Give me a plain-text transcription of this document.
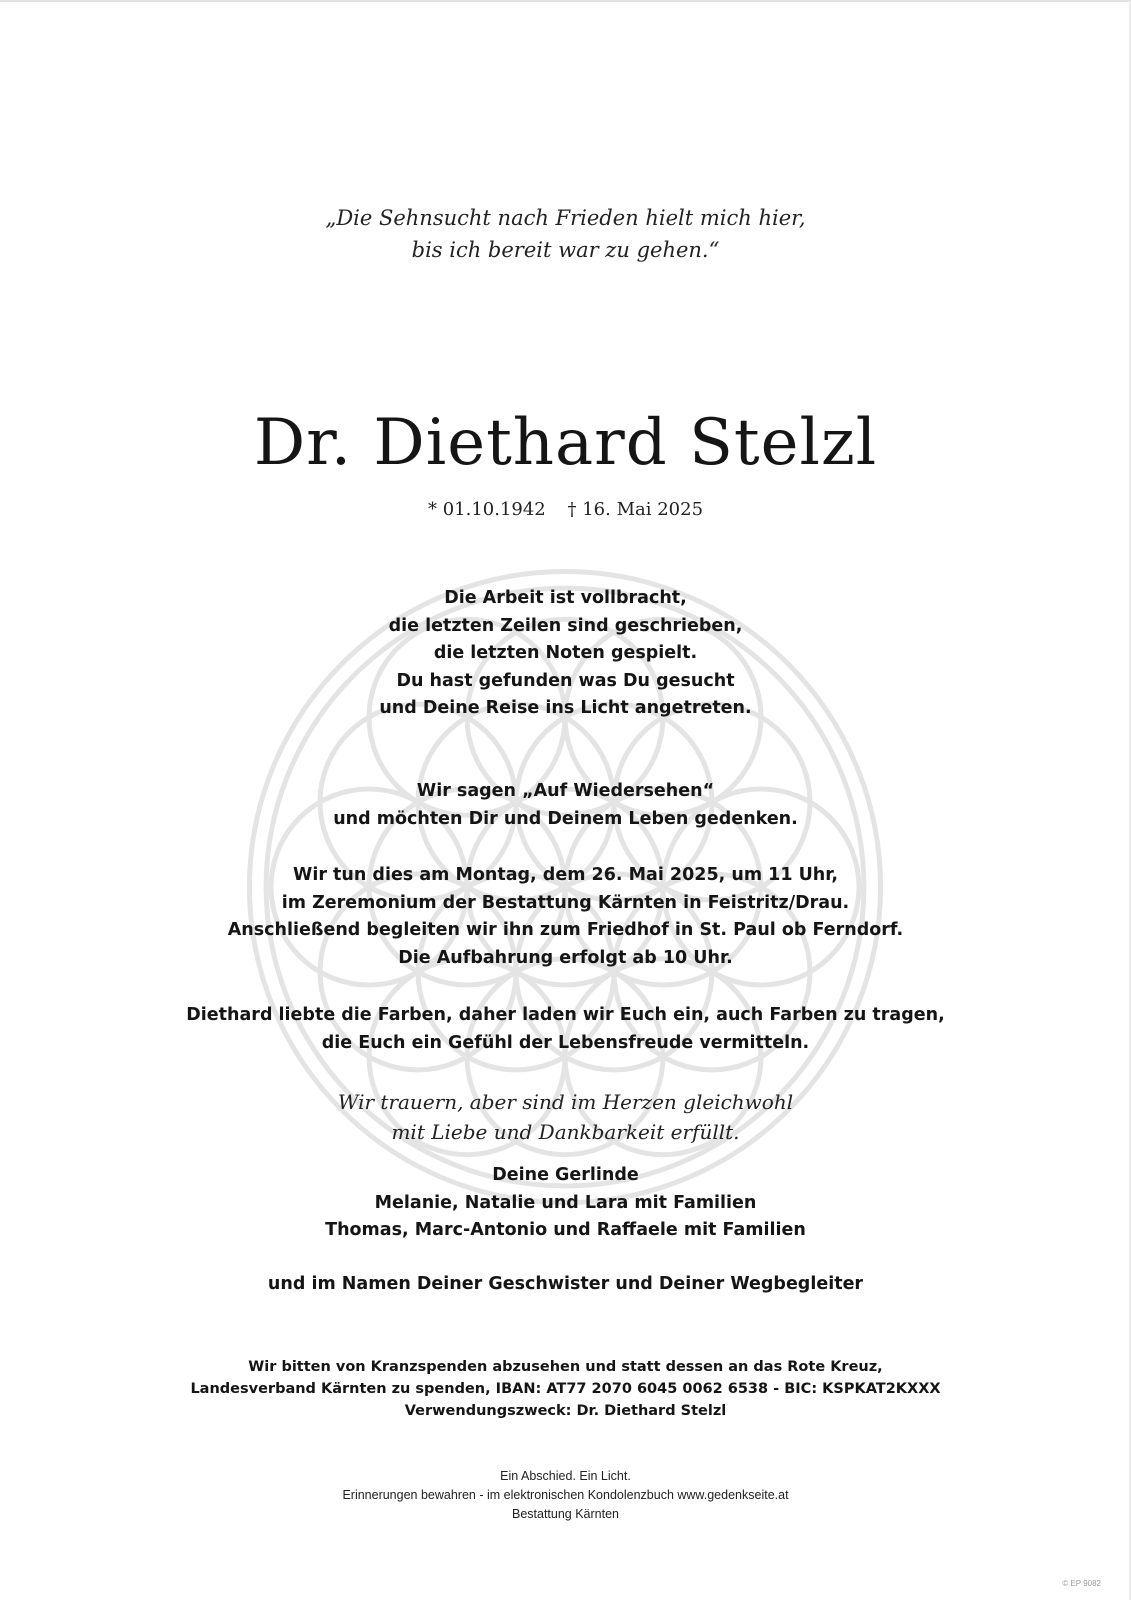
„Die Sehnsucht nach Frieden hielt mich hier,
bis ich bereit war zu gehen.“
Dr. Diethard Stelzl
* 01.10.1942 † 16. Mai 2025
Die Arbeit ist vollbracht,
die letzten Zeilen sind geschrieben,
die letzten Noten gespielt.
Du hast gefunden was Du gesucht
und Deine Reise ins Licht angetreten.
Wir sagen „Auf Wiedersehen“
und möchten Dir und Deinem Leben gedenken.
Wir tun dies am Montag, dem 26. Mai 2025, um 11 Uhr,
im Zeremonium der Bestattung Kärnten in Feistritz/Drau.
Anschließend begleiten wir ihn zum Friedhof in St. Paul ob Ferndorf.
Die Aufbahrung erfolgt ab 10 Uhr.
Diethard liebte die Farben, daher laden wir Euch ein, auch Farben zu tragen,
die Euch ein Gefühl der Lebensfreude vermitteln.
Wir trauern, aber sind im Herzen gleichwohl
mit Liebe und Dankbarkeit erfüllt.
Deine Gerlinde
Melanie, Natalie und Lara mit Familien
Thomas, Marc-Antonio und Raffaele mit Familien
und im Namen Deiner Geschwister und Deiner Wegbegleiter
Wir bitten von Kranzspenden abzusehen und statt dessen an das Rote Kreuz,
Landesverband Kärnten zu spenden, IBAN: AT77 2070 6045 0062 6538 - BIC: KSPKAT2KXXX
Verwendungszweck: Dr. Diethard Stelzl
Ein Abschied. Ein Licht.
Erinnerungen bewahren - im elektronischen Kondolenzbuch www.gedenkseite.at
Bestattung Kärnten
© EP 9082
